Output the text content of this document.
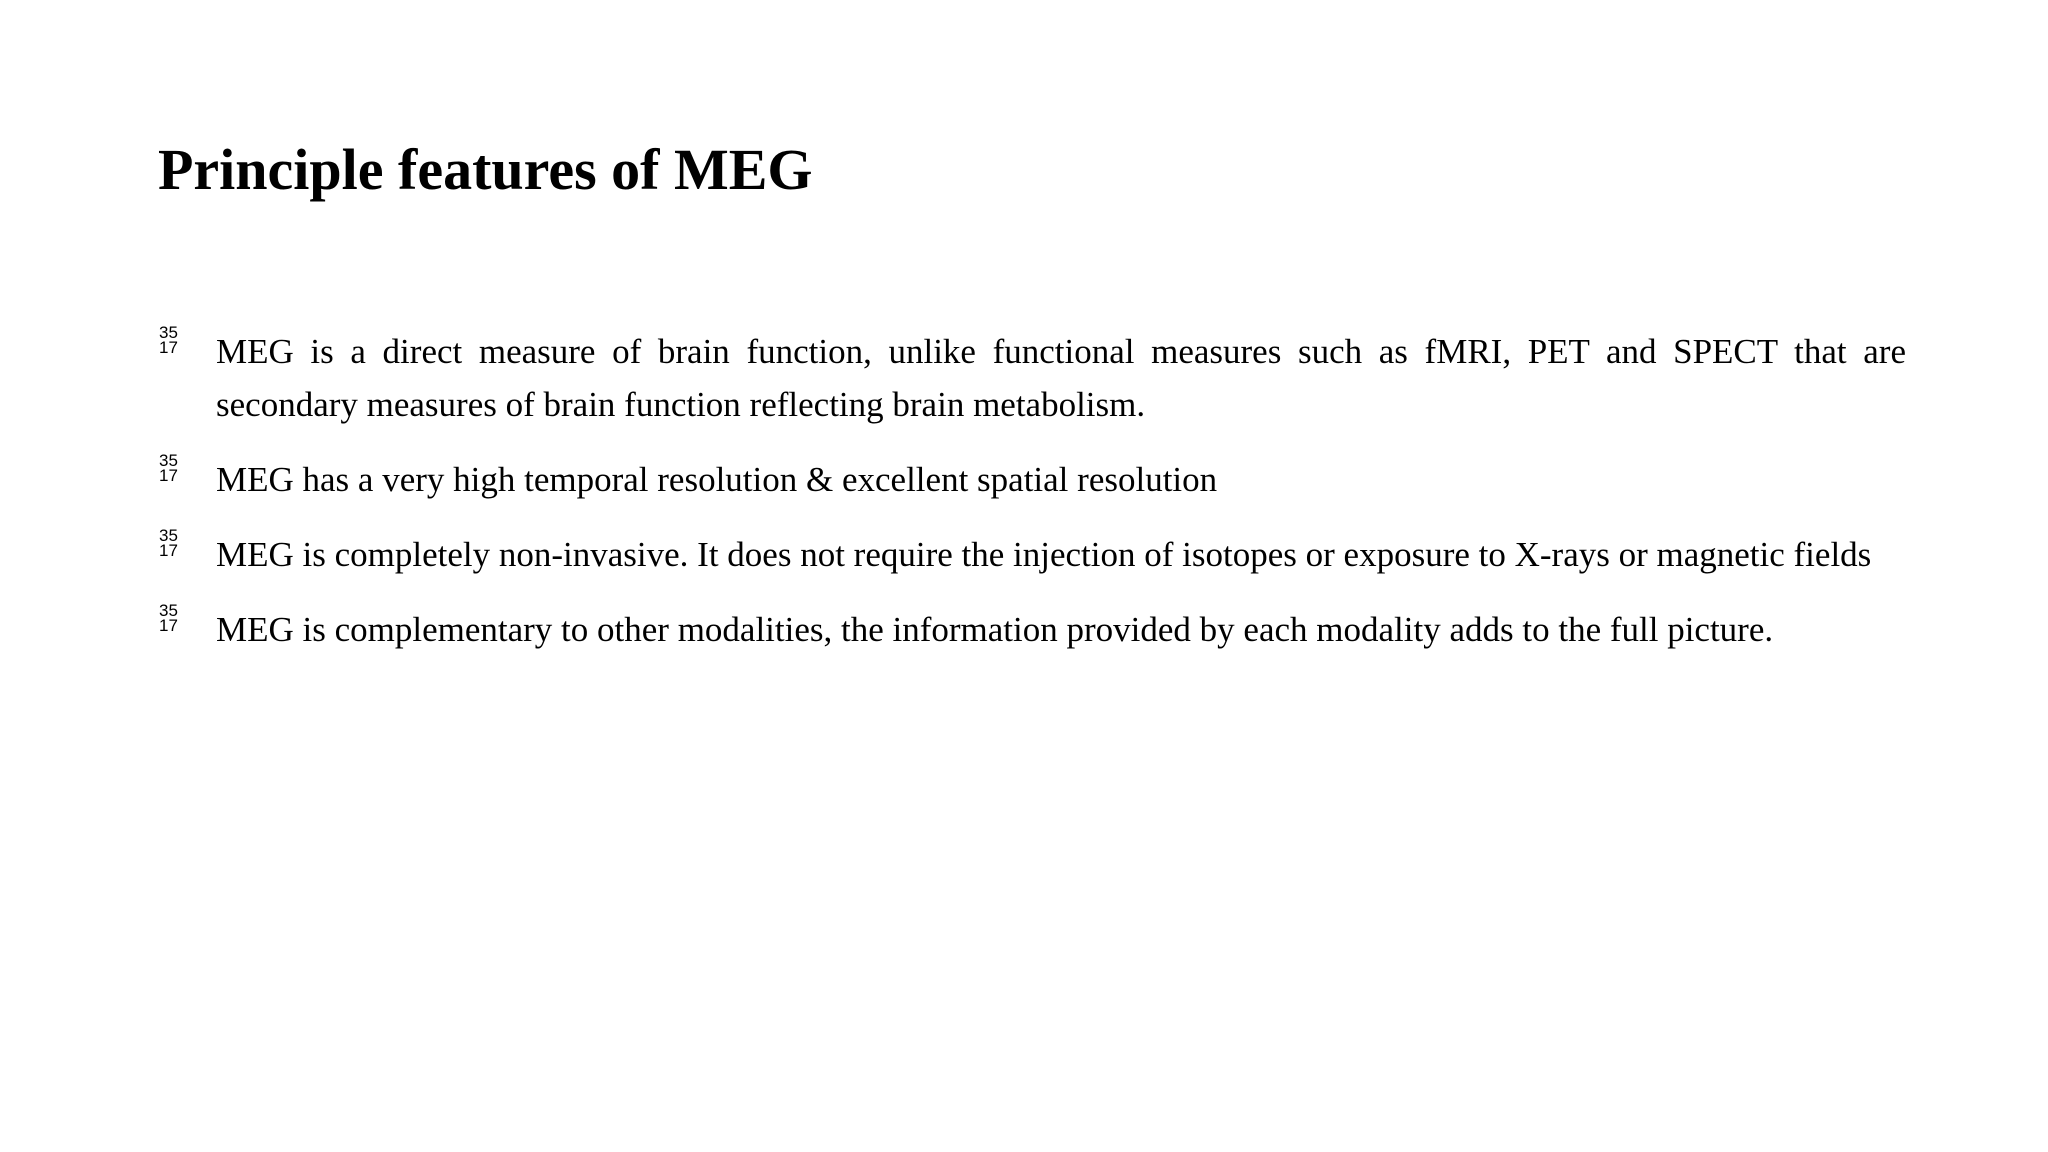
Principle features of MEG
35
17 MEG is a direct measure of brain function, unlike functional measures such as fMRI, PET and SPECT that are secondary measures of brain function reflecting brain metabolism.
35
17 MEG has a very high temporal resolution & excellent spatial resolution
35
17 MEG is completely non-invasive. It does not require the injection of isotopes or exposure to X-rays or magnetic fields
35
17 MEG is complementary to other modalities, the information provided by each modality adds to the full picture.
